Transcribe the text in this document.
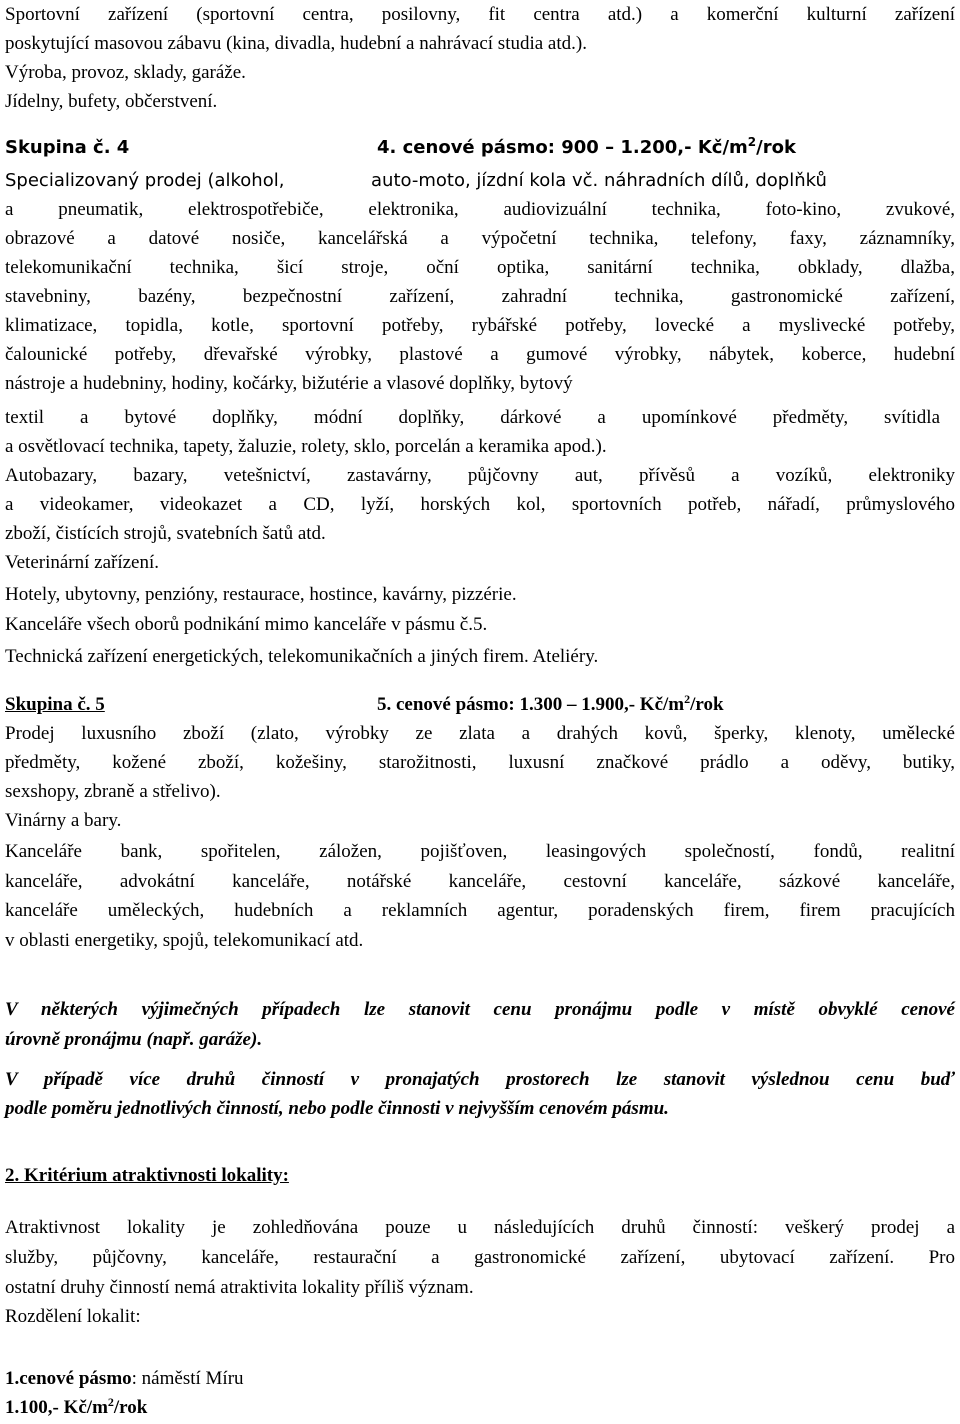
Sportovní zařízení (sportovní centra, posilovny, fit centra atd.) a komerční kulturní zařízení
poskytující masovou zábavu (kina, divadla, hudební a nahrávací studia atd.).
Výroba, provoz, sklady, garáže.
Jídelny, bufety, občerstvení.
Skupina č. 4	4. cenové pásmo: 900 – 1.200,- $Kč/m^2$/rok
Specializovaný prodej (alkohol,	auto-moto, jízdní kola vč. náhradních dílů, doplňků
a pneumatik, elektrospotřebiče, elektronika, audiovizuální technika, foto-kino, zvukové,
obrazové a datové nosiče, kancelářská a výpočetní technika, telefony, faxy, záznamníky,
telekomunikační technika, šicí stroje, oční optika, sanitární technika, obklady, dlažba,
stavebniny, bazény, bezpečnostní zařízení, zahradní technika, gastronomické zařízení,
klimatizace, topidla, kotle, sportovní potřeby, rybářské potřeby, lovecké a myslivecké potřeby,
čalounické potřeby, dřevařské výrobky, plastové a gumové výrobky, nábytek, koberce, hudební
nástroje a hudebniny, hodiny, kočárky, bižutérie a vlasové doplňky, bytový
textil a bytové doplňky, módní doplňky, dárkové a upomínkové předměty, svítidla
a osvětlovací technika, tapety, žaluzie, rolety, sklo, porcelán a keramika apod.).
Autobazary, bazary, vetešnictví, zastavárny, půjčovny aut, přívěsů a vozíků, elektroniky
a videokamer, videokazet a CD, lyží, horských kol, sportovních potřeb, nářadí, průmyslového
zboží, čistících strojů, svatebních šatů atd.
Veterinární zařízení.
Hotely, ubytovny, penzióny, restaurace, hostince, kavárny, pizzérie.
Kanceláře všech oborů podnikání mimo kanceláře v pásmu č.5.
Technická zařízení energetických, telekomunikačních a jiných firem. Ateliéry.
Skupina č. 5	5. cenové pásmo: 1.300 – 1.900,- $Kč/m^2$/rok
Prodej luxusního zboží (zlato, výrobky ze zlata a drahých kovů, šperky, klenoty, umělecké
předměty, kožené zboží, kožešiny, starožitnosti, luxusní značkové prádlo a oděvy, butiky,
sexshopy, zbraně a střelivo).
Vinárny a bary.
Kanceláře bank, spořitelen, záložen, pojišťoven, leasingových společností, fondů, realitní
kanceláře, advokátní kanceláře, notářské kanceláře, cestovní kanceláře, sázkové kanceláře,
kanceláře uměleckých, hudebních a reklamních agentur, poradenských firem, firem pracujících
v oblasti energetiky, spojů, telekomunikací atd.
V některých výjimečných případech lze stanovit cenu pronájmu podle v místě obvyklé cenové
úrovně pronájmu (např. garáže).
V případě více druhů činností v pronajatých prostorech lze stanovit výslednou cenu buď
podle poměru jednotlivých činností, nebo podle činnosti v nejvyšším cenovém pásmu.
2. Kritérium atraktivnosti lokality:
Atraktivnost lokality je zohledňována pouze u následujících druhů činností: veškerý prodej a
služby, půjčovny, kanceláře, restaurační a gastronomické zařízení, ubytovací zařízení. Pro
ostatní druhy činností nemá atraktivita lokality příliš význam.
Rozdělení lokalit:
1.cenové pásmo: náměstí Míru
1.100,- $Kč/m^2$/rok
